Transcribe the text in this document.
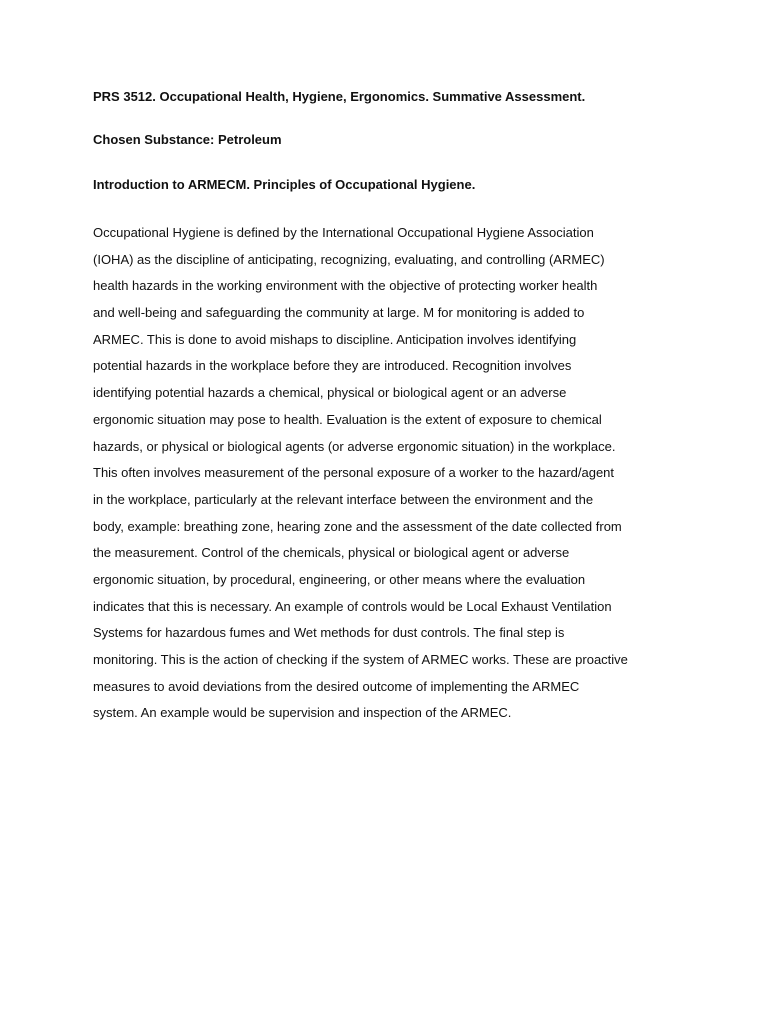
PRS 3512. Occupational Health, Hygiene, Ergonomics. Summative Assessment.
Chosen Substance: Petroleum
Introduction to ARMECM. Principles of Occupational Hygiene.
Occupational Hygiene is defined by the International Occupational Hygiene Association
(IOHA) as the discipline of anticipating, recognizing, evaluating, and controlling (ARMEC)
health hazards in the working environment with the objective of protecting worker health
and well-being and safeguarding the community at large. M for monitoring is added to
ARMEC. This is done to avoid mishaps to discipline. Anticipation involves identifying
potential hazards in the workplace before they are introduced. Recognition involves
identifying potential hazards a chemical, physical or biological agent or an adverse
ergonomic situation may pose to health. Evaluation is the extent of exposure to chemical
hazards, or physical or biological agents (or adverse ergonomic situation) in the workplace.
This often involves measurement of the personal exposure of a worker to the hazard/agent
in the workplace, particularly at the relevant interface between the environment and the
body, example: breathing zone, hearing zone and the assessment of the date collected from
the measurement. Control of the chemicals, physical or biological agent or adverse
ergonomic situation, by procedural, engineering, or other means where the evaluation
indicates that this is necessary. An example of controls would be Local Exhaust Ventilation
Systems for hazardous fumes and Wet methods for dust controls. The final step is
monitoring. This is the action of checking if the system of ARMEC works. These are proactive
measures to avoid deviations from the desired outcome of implementing the ARMEC
system. An example would be supervision and inspection of the ARMEC.
